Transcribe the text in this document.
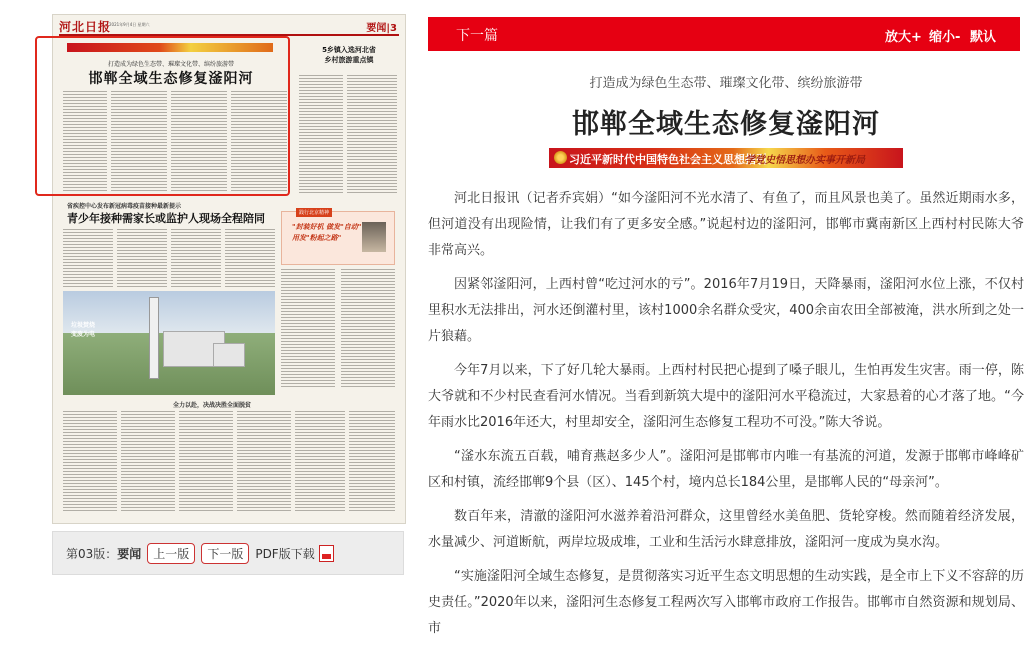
河北日报
2021年9月4日 星期六	要闻|3
打造成为绿色生态带、璀璨文化带、缤纷旅游带
邯郸全域生态修复滏阳河
5乡镇入选河北省
乡村旅游重点镇
省疾控中心发布新冠病毒疫苗接种最新提示
青少年接种需家长或监护人现场全程陪同	践行北京精神
"封装好机 做发"自动"
用发"粉起之路"
垃圾焚烧
变废为电
全力以赴，决战决胜全面脱贫
第03版：要闻	上一版	下一版	PDF版下载
下一篇	放大+ 缩小- 默认
打造成为绿色生态带、璀璨文化带、缤纷旅游带
邯郸全域生态修复滏阳河
习近平新时代中国特色社会主义思想指引
学党史悟思想办实事开新局

河北日报讯（记者乔宾娟）“如今滏阳河不光水清了、有鱼了，而且风景也美了。虽然近期雨水多，但河道没有出现险情，让我们有了更多安全感。”说起村边的滏阳河，邯郸市冀南新区上西村村民陈大爷非常高兴。

因紧邻滏阳河，上西村曾“吃过河水的亏”。2016年7月19日，天降暴雨，滏阳河水位上涨，不仅村里积水无法排出，河水还倒灌村里，该村1000余名群众受灾，400余亩农田全部被淹，洪水所到之处一片狼藉。

今年7月以来，下了好几轮大暴雨。上西村村民把心提到了嗓子眼儿，生怕再发生灾害。雨一停，陈大爷就和不少村民查看河水情况。当看到新筑大堤中的滏阳河水平稳流过，大家悬着的心才落了地。“今年雨水比2016年还大，村里却安全，滏阳河生态修复工程功不可没。”陈大爷说。

“滏水东流五百载，哺育燕赵多少人”。滏阳河是邯郸市内唯一有基流的河道，发源于邯郸市峰峰矿区和村镇，流经邯郸9个县（区）、145个村，境内总长184公里，是邯郸人民的“母亲河”。

数百年来，清澈的滏阳河水滋养着沿河群众，这里曾经水美鱼肥、货轮穿梭。然而随着经济发展，水量减少、河道断航，两岸垃圾成堆，工业和生活污水肆意排放，滏阳河一度成为臭水沟。

“实施滏阳河全域生态修复，是贯彻落实习近平生态文明思想的生动实践，是全市上下义不容辞的历史责任。”2020年以来，滏阳河生态修复工程两次写入邯郸市政府工作报告。邯郸市自然资源和规划局、市
